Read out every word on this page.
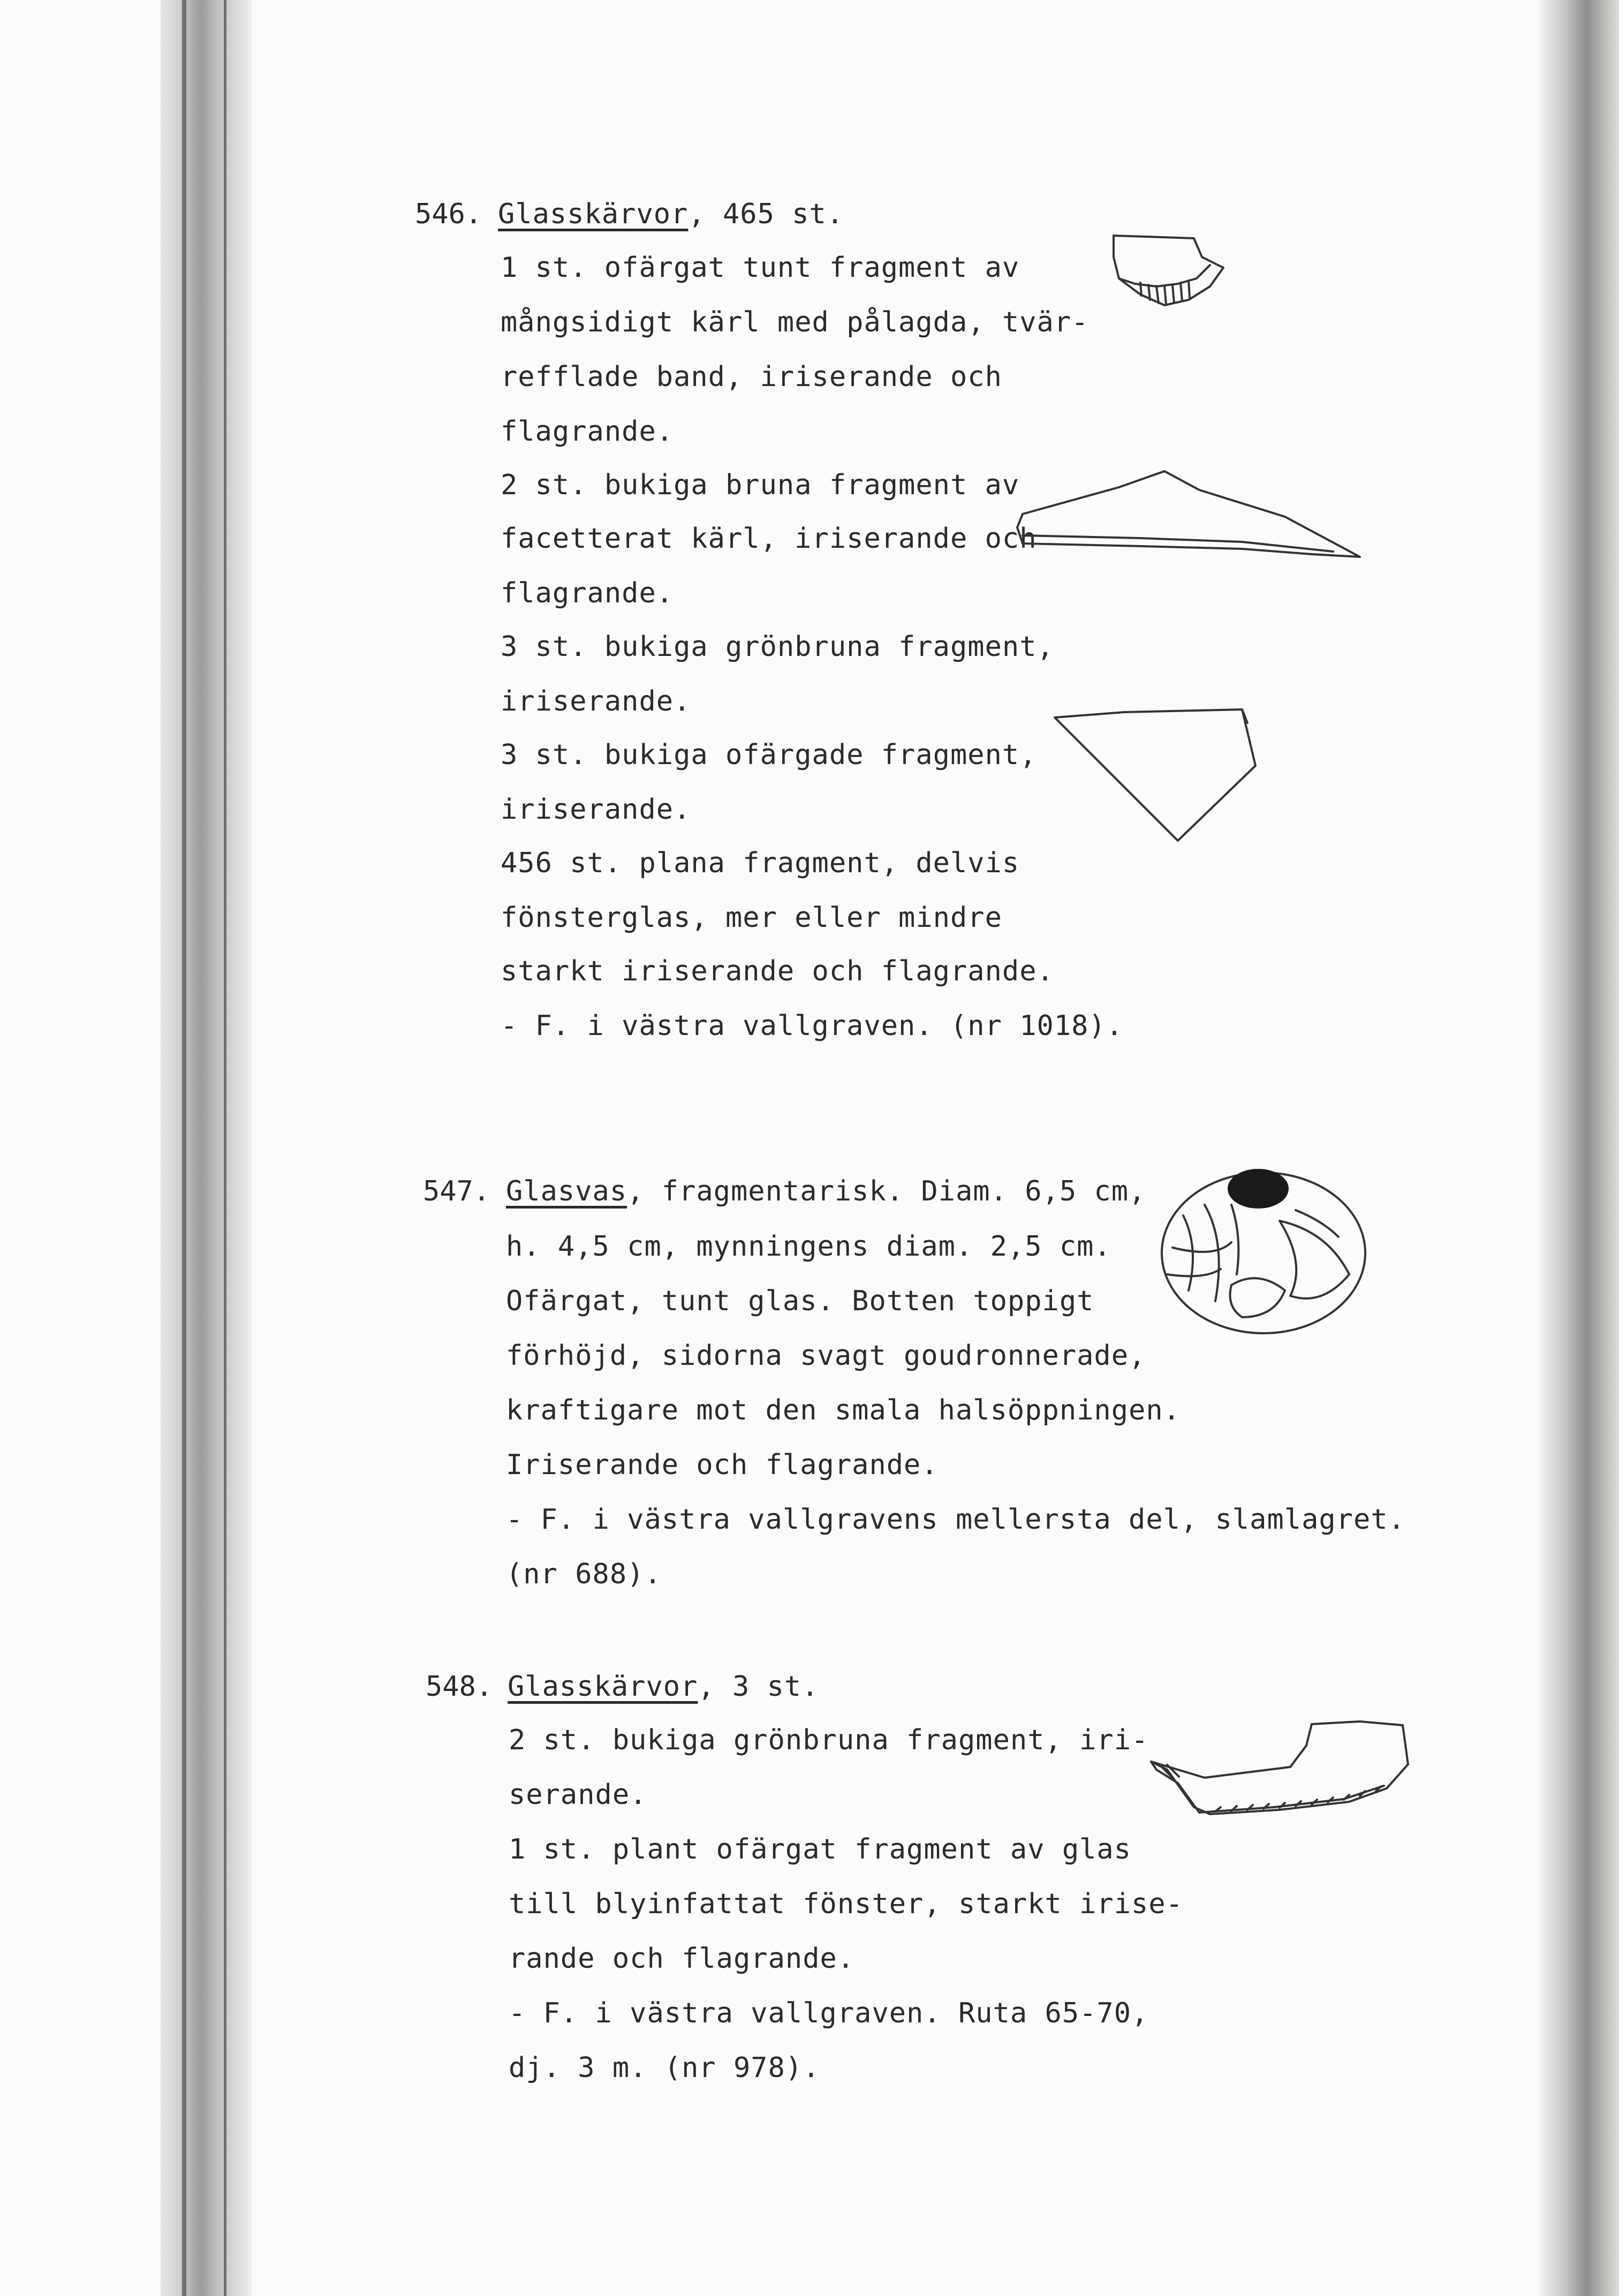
546. Glasskärvor, 465 st.
1 st. ofärgat tunt fragment av
mångsidigt kärl med pålagda, tvär-
refflade band, iriserande och
flagrande.
2 st. bukiga bruna fragment av
facetterat kärl, iriserande och
flagrande.
3 st. bukiga grönbruna fragment,
iriserande.
3 st. bukiga ofärgade fragment,
iriserande.
456 st. plana fragment, delvis
fönsterglas, mer eller mindre
starkt iriserande och flagrande.
- F. i västra vallgraven. (nr 1018).
547. Glasvas, fragmentarisk. Diam. 6,5 cm,
h. 4,5 cm, mynningens diam. 2,5 cm.
Ofärgat, tunt glas. Botten toppigt
förhöjd, sidorna svagt goudronnerade,
kraftigare mot den smala halsöppningen.
Iriserande och flagrande.
- F. i västra vallgravens mellersta del, slamlagret.
(nr 688).
548. Glasskärvor, 3 st.
2 st. bukiga grönbruna fragment, iri-
serande.
1 st. plant ofärgat fragment av glas
till blyinfattat fönster, starkt irise-
rande och flagrande.
- F. i västra vallgraven. Ruta 65-70,
dj. 3 m. (nr 978).
